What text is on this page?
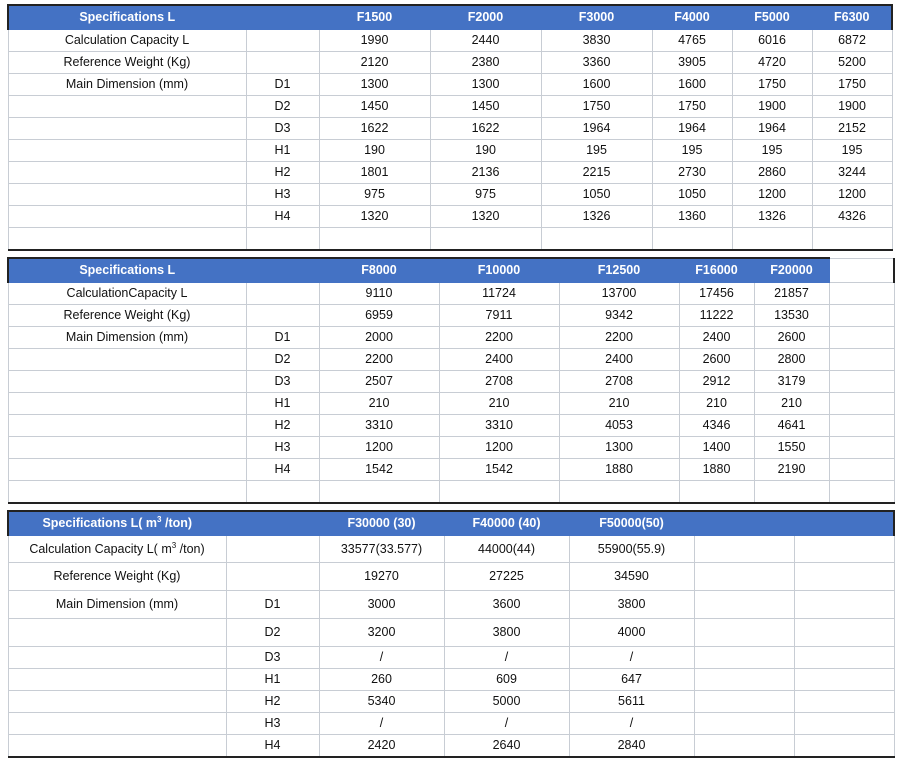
Specifications L		F1500	F2000	F3000	F4000	F5000	F6300
Calculation Capacity L		1990	2440	3830	4765	6016	6872
Reference Weight (Kg)		2120	2380	3360	3905	4720	5200
Main Dimension (mm)	D1	1300	1300	1600	1600	1750	1750
	D2	1450	1450	1750	1750	1900	1900
	D3	1622	1622	1964	1964	1964	2152
	H1	190	190	195	195	195	195
	H2	1801	2136	2215	2730	2860	3244
	H3	975	975	1050	1050	1200	1200
	H4	1320	1320	1326	1360	1326	4326

Specifications L		F8000	F10000	F12500	F16000	F20000	
CalculationCapacity L		9110	11724	13700	17456	21857	
Reference Weight (Kg)		6959	7911	9342	11222	13530	
Main Dimension (mm)	D1	2000	2200	2200	2400	2600	
	D2	2200	2400	2400	2600	2800	
	D3	2507	2708	2708	2912	3179	
	H1	210	210	210	210	210	
	H2	3310	3310	4053	4346	4641	
	H3	1200	1200	1300	1400	1550	
	H4	1542	1542	1880	1880	2190	

Specifications L( $m^3$ /ton)		F30000 (30)	F40000 (40)	F50000(50)		
Calculation Capacity L( $m^3$ /ton)		33577(33.577)	44000(44)	55900(55.9)		
Reference Weight (Kg)		19270	27225	34590		
Main Dimension (mm)	D1	3000	3600	3800		
	D2	3200	3800	4000		
	D3	/	/	/		
	H1	260	609	647		
	H2	5340	5000	5611		
	H3	/	/	/		
	H4	2420	2640	2840		
